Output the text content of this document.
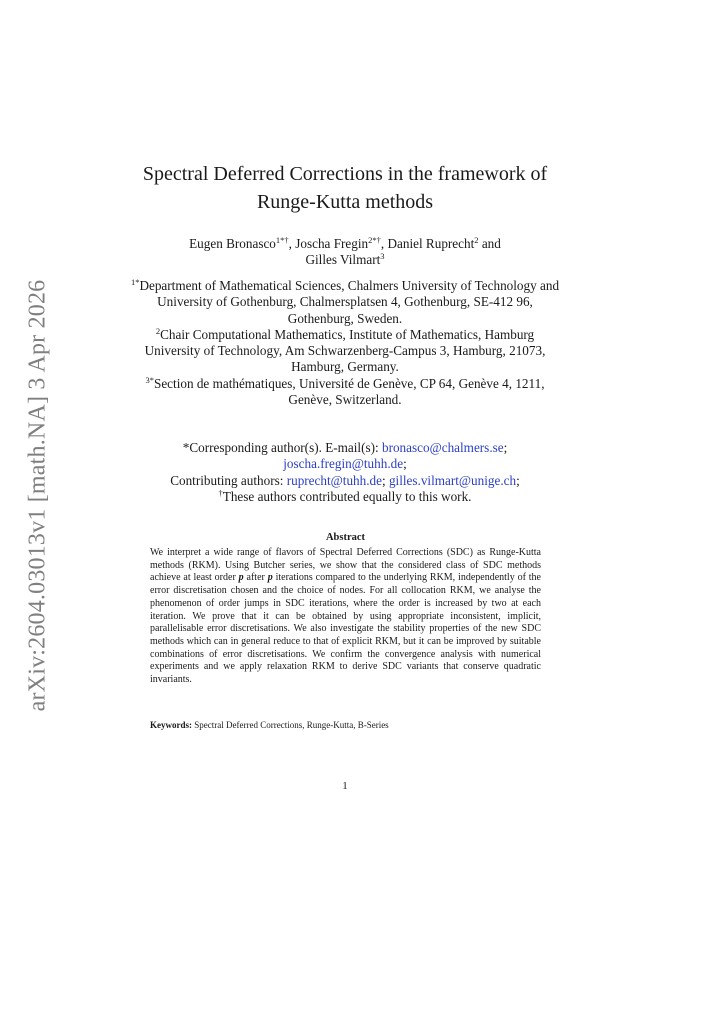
arXiv:2604.03013v1 [math.NA] 3 Apr 2026
Spectral Deferred Corrections in the framework of
Runge-Kutta methods
Eugen Bronasco$^{1*\dagger}$, Joscha Fregin$^{2*\dagger}$, Daniel Ruprecht$^2$ and
Gilles Vilmart$^3$
$^{1*}$Department of Mathematical Sciences, Chalmers University of Technology and University of Gothenburg, Chalmersplatsen 4, Gothenburg, SE-412 96, Gothenburg, Sweden.
$^2$Chair Computational Mathematics, Institute of Mathematics, Hamburg University of Technology, Am Schwarzenberg-Campus 3, Hamburg, 21073, Hamburg, Germany.
$^{3*}$Section de mathématiques, Université de Genève, CP 64, Genève 4, 1211, Genève, Switzerland.
*Corresponding author(s). E-mail(s): bronasco@chalmers.se; joscha.fregin@tuhh.de;
Contributing authors: ruprecht@tuhh.de; gilles.vilmart@unige.ch;
†These authors contributed equally to this work.
Abstract
We interpret a wide range of flavors of Spectral Deferred Corrections (SDC) as Runge-Kutta methods (RKM). Using Butcher series, we show that the considered class of SDC methods achieve at least order p after p iterations compared to the underlying RKM, independently of the error discretisation chosen and the choice of nodes. For all collocation RKM, we analyse the phenomenon of order jumps in SDC iterations, where the order is increased by two at each iteration. We prove that it can be obtained by using appropriate inconsistent, implicit, parallelisable error discretisations. We also investigate the stability properties of the new SDC methods which can in general reduce to that of explicit RKM, but it can be improved by suitable combinations of error discretisations. We confirm the convergence analysis with numerical experiments and we apply relaxation RKM to derive SDC variants that conserve quadratic invariants.
Keywords: Spectral Deferred Corrections, Runge-Kutta, B-Series
1
